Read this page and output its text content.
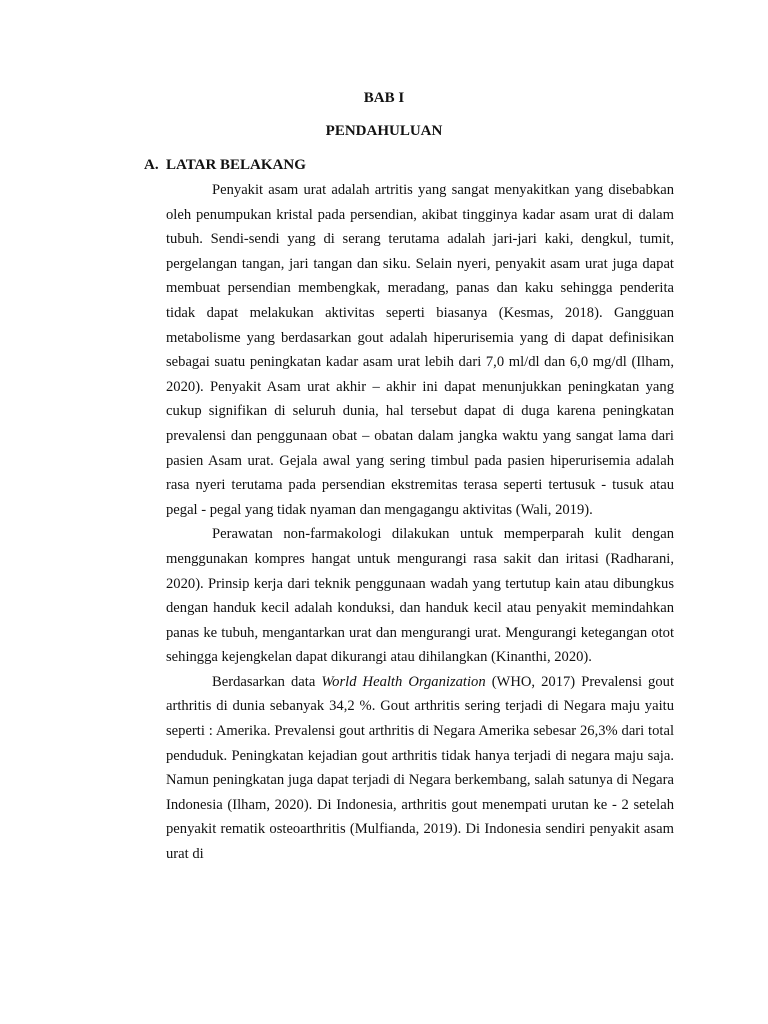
BAB I
PENDAHULUAN
A. LATAR BELAKANG

Penyakit asam urat adalah artritis yang sangat menyakitkan yang disebabkan oleh penumpukan kristal pada persendian, akibat tingginya kadar asam urat di dalam tubuh. Sendi-sendi yang di serang terutama adalah jari-jari kaki, dengkul, tumit, pergelangan tangan, jari tangan dan siku. Selain nyeri, penyakit asam urat juga dapat membuat persendian membengkak, meradang, panas dan kaku sehingga penderita tidak dapat melakukan aktivitas seperti biasanya (Kesmas, 2018). Gangguan metabolisme yang berdasarkan gout adalah hiperurisemia yang di dapat definisikan sebagai suatu peningkatan kadar asam urat lebih dari 7,0 ml/dl dan 6,0 mg/dl (Ilham, 2020). Penyakit Asam urat akhir – akhir ini dapat menunjukkan peningkatan yang cukup signifikan di seluruh dunia, hal tersebut dapat di duga karena peningkatan prevalensi dan penggunaan obat – obatan dalam jangka waktu yang sangat lama dari pasien Asam urat. Gejala awal yang sering timbul pada pasien hiperurisemia adalah rasa nyeri terutama pada persendian ekstremitas terasa seperti tertusuk - tusuk atau pegal - pegal yang tidak nyaman dan mengagangu aktivitas (Wali, 2019).

Perawatan non-farmakologi dilakukan untuk memperparah kulit dengan menggunakan kompres hangat untuk mengurangi rasa sakit dan iritasi (Radharani, 2020). Prinsip kerja dari teknik penggunaan wadah yang tertutup kain atau dibungkus dengan handuk kecil adalah konduksi, dan handuk kecil atau penyakit memindahkan panas ke tubuh, mengantarkan urat dan mengurangi urat. Mengurangi ketegangan otot sehingga kejengkelan dapat dikurangi atau dihilangkan (Kinanthi, 2020).

Berdasarkan data World Health Organization (WHO, 2017) Prevalensi gout arthritis di dunia sebanyak 34,2 %. Gout arthritis sering terjadi di Negara maju yaitu seperti : Amerika. Prevalensi gout arthritis di Negara Amerika sebesar 26,3% dari total penduduk. Peningkatan kejadian gout arthritis tidak hanya terjadi di negara maju saja. Namun peningkatan juga dapat terjadi di Negara berkembang, salah satunya di Negara Indonesia (Ilham, 2020). Di Indonesia, arthritis gout menempati urutan ke - 2 setelah penyakit rematik osteoarthritis (Mulfianda, 2019). Di Indonesia sendiri penyakit asam urat di
